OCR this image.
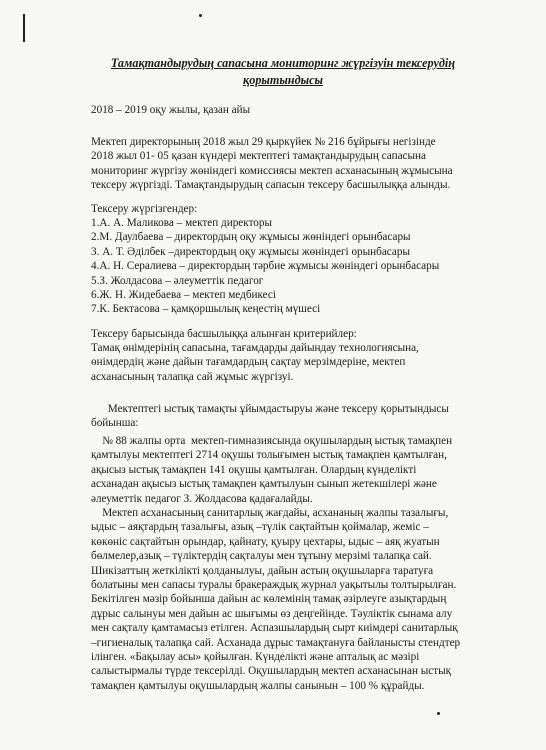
Тамақтандырудың сапасына мониторинг жүргізуін тексерудің
қорытындысы
2018 – 2019 оқу жылы, қазан айы
Мектеп директорының 2018 жыл 29 қыркүйек № 216 бұйрығы негізінде
2018 жыл 01- 05 қазан күндері мектептегі тамақтандырудың сапасына
мониторинг жүргізу жөніндегі комиссиясы мектеп асханасының жұмысына
тексеру жүргізді. Тамақтандырудың сапасын тексеру басшылыққа алынды.
Тексеру жүргізгендер:
1.А. А. Маликова – мектеп директоры
2.М. Даулбаева – директордың оқу жұмысы жөніндегі орынбасары
3. А. Т. Әділбек –директордың оқу жұмысы жөніндегі орынбасары
4.А. Н. Сералиева – директордың тәрбие жұмысы жөніндегі орынбасары
5.З. Жолдасова – әлеуметтік педагог
6.Ж. Н. Жидебаева – мектеп медбикесі
7.К. Бектасова – қамқоршылық кеңестің мүшесі
Тексеру барысында басшылыққа алынған критерийлер:
Тамақ өнімдерінің сапасына, тағамдарды дайындау технологиясына,
өнімдердің және дайын тағамдардың сақтау мерзімдеріне, мектеп
асханасының талапқа сай жұмыс жүргізуі.
Мектептегі ыстық тамақты ұйымдастыруы және тексеру қорытындысы
бойынша:
№ 88 жалпы орта  мектеп-гимназиясында оқушылардың ыстық тамақпен
қамтылуы мектептегі 2714 оқушы толығымен ыстық тамақпен қамтылған,
ақысыз ыстық тамақпен 141 оқушы қамтылған. Олардың күнделікті
асханадан ақысыз ыстық тамақпен қамтылуын сынып жетекшілері және
әлеуметтік педагог З. Жолдасова қадағалайды.
Мектеп асханасының санитарлық жағдайы, асхананың жалпы тазалығы,
ыдыс – аяқтардың тазалығы, азық –түлік сақтайтын қоймалар, жеміс –
көкөніс сақтайтын орындар, қайнату, қуыру цехтары, ыдыс – аяқ жуатын
бөлмелер,азық – түліктердің сақталуы мен тұтыну мерзімі талапқа сай.
Шикізаттың жеткілікті қолданылуы, дайын астың оқушыларға таратуға
болатыны мен сапасы туралы бракераждық журнал уақытылы толтырылған.
Бекітілген мәзір бойынша дайын ас көлемінің тамақ әзірлеуге азықтардың
дұрыс салынуы мен дайын ас шығымы өз деңгейінде. Тәуліктік сынама алу
мен сақталу қамтамасыз етілген. Аспазшылардың сырт киімдері санитарлық
–гигиеналық талапқа сай. Асханада дұрыс тамақтануға байланысты стендтер
ілінген. «Бақылау асы» қойылған. Күнделікті және апталық ас мәзірі
салыстырмалы түрде тексерілді. Оқушылардың мектеп асханасынан ыстық
тамақпен қамтылуы оқушылардың жалпы санынын – 100 % құрайды.
